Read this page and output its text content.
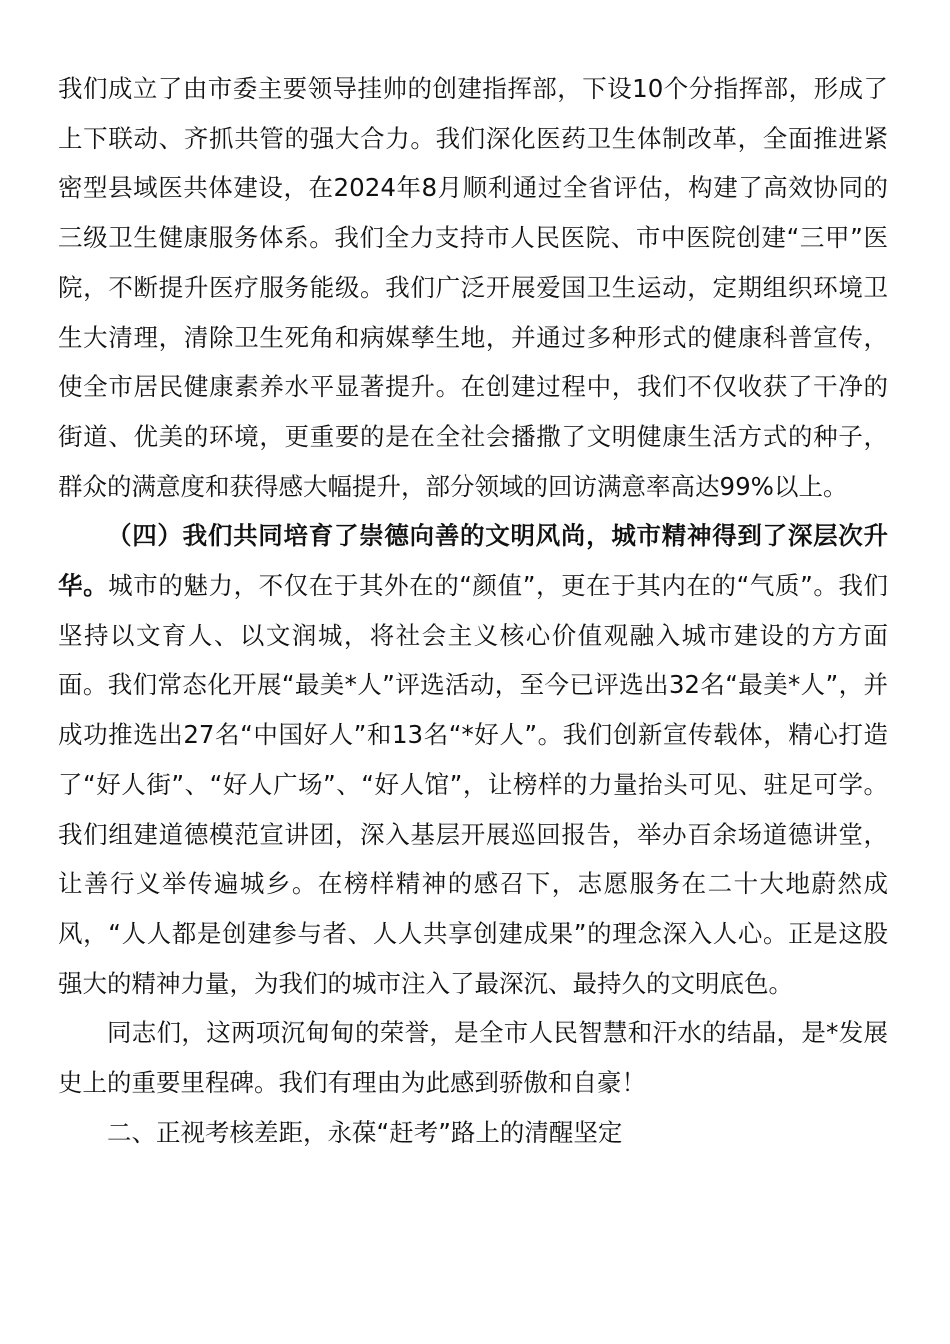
我们成立了由市委主要领导挂帅的创建指挥部，下设10个分指挥部，形成了上下联动、齐抓共管的强大合力。我们深化医药卫生体制改革，全面推进紧密型县域医共体建设，在2024年8月顺利通过全省评估，构建了高效协同的三级卫生健康服务体系。我们全力支持市人民医院、市中医院创建“三甲”医院，不断提升医疗服务能级。我们广泛开展爱国卫生运动，定期组织环境卫生大清理，清除卫生死角和病媒孳生地，并通过多种形式的健康科普宣传，使全市居民健康素养水平显著提升。在创建过程中，我们不仅收获了干净的街道、优美的环境，更重要的是在全社会播撒了文明健康生活方式的种子，群众的满意度和获得感大幅提升，部分领域的回访满意率高达99%以上。

（四）我们共同培育了崇德向善的文明风尚，城市精神得到了深层次升华。城市的魅力，不仅在于其外在的“颜值”，更在于其内在的“气质”。我们坚持以文育人、以文润城，将社会主义核心价值观融入城市建设的方方面面。我们常态化开展“最美*人”评选活动，至今已评选出32名“最美*人”，并成功推选出27名“中国好人”和13名“*好人”。我们创新宣传载体，精心打造了“好人街”、“好人广场”、“好人馆”，让榜样的力量抬头可见、驻足可学。我们组建道德模范宣讲团，深入基层开展巡回报告，举办百余场道德讲堂，让善行义举传遍城乡。在榜样精神的感召下，志愿服务在二十大地蔚然成风，“人人都是创建参与者、人人共享创建成果”的理念深入人心。正是这股强大的精神力量，为我们的城市注入了最深沉、最持久的文明底色。

同志们，这两项沉甸甸的荣誉，是全市人民智慧和汗水的结晶，是*发展史上的重要里程碑。我们有理由为此感到骄傲和自豪！

二、正视考核差距，永葆“赶考”路上的清醒坚定
